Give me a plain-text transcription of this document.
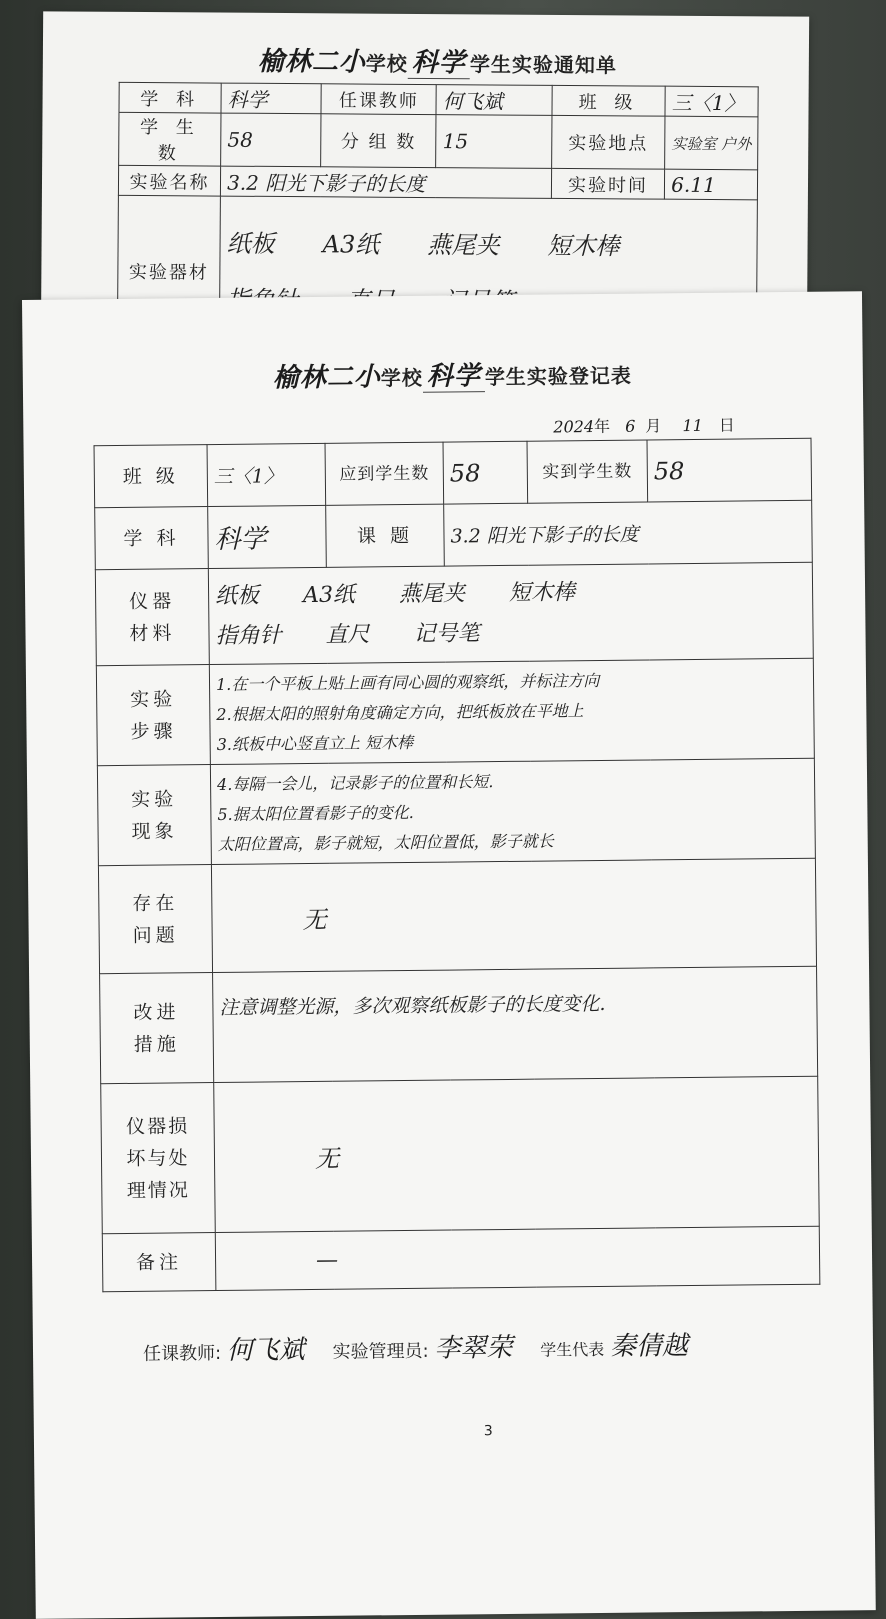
榆林二小学校 科学 学生实验通知单
学 科	科学	任课教师	何飞斌	班 级	三〈1〉
学 生 数	58	分 组 数	15	实验地点	实验室 户外
实验名称	3.2 阳光下影子的长度			实验时间	6.11
实验器材	纸板　　A3纸　　燕尾夹　　短木棒				
榆林二小学校 科学 学生实验登记表
2024年 6 月 11 日
班 级	三〈1〉	应到学生数	58	实到学生数	58
学 科	科学	课 题	3.2 阳光下影子的长度		

仪器
材料	纸板　　A3纸　　燕尾夹　　短木棒
指角针　　直尺　　记号笔				

实验
步骤	1.在一个平板上贴上画有同心圆的观察纸，并标注方向
2.根据太阳的照射角度确定方向，把纸板放在平地上
3.纸板中心竖直立上 短木棒				

实验
现象	4.每隔一会儿，记录影子的位置和长短.
5.据太阳位置看影子的变化.
太阳位置高，影子就短，太阳位置低，影子就长				

存在
问题	无				

改进
措施	注意调整光源，多次观察纸板影子的长度变化.				

仪器损
坏与处
理情况	无				
备注	—				
任课教师: 何飞斌 实验管理员: 李翠荣 学生代表 秦倩越
3
